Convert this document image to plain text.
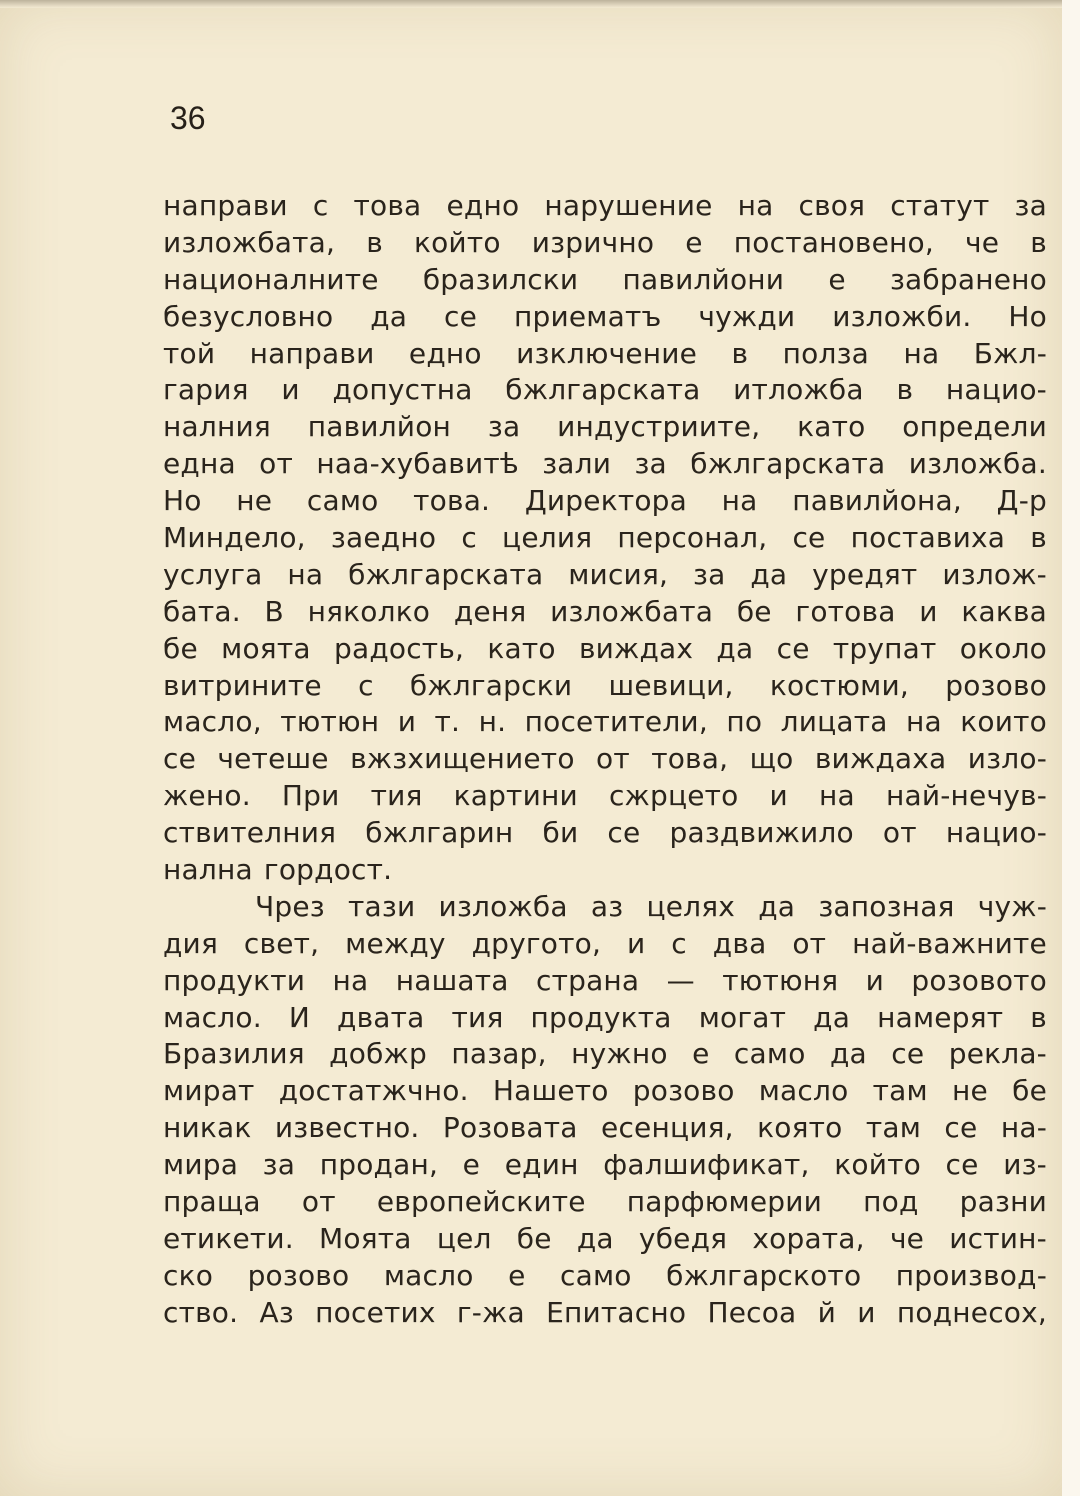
36

направи с това едно нарушение на своя статут за
изложбата, в който изрично е постановено, че в
националните бразилски павилйони е забранено
безусловно да се приематъ чужди изложби. Но
той направи едно изключение в полза на Бжл-
гария и допустна бжлгарската итложба в нацио-
налния павилйон за индустриите, като определи
една от наа-хубавитѣ зали за бжлгарската изложба.
Но не само това. Директора на павилйона, Д-р
Миндело, заедно с целия персонал, се поставиха в
услуга на бжлгарската мисия, за да уредят излож-
бата. В няколко деня изложбата бе готова и каква
бе моята радость, като виждах да се трупат около
витрините с бжлгарски шевици, костюми, розово
масло, тютюн и т. н. посетители, по лицата на които
се четеше вжзхищението от това, що виждаха изло-
жено. При тия картини сжрцето и на най-нечув-
ствителния бжлгарин би се раздвижило от нацио-
нална гордост.

Чрез тази изложба аз целях да запозная чуж-
дия свет, между другото, и с два от най-важните
продукти на нашата страна — тютюня и розовото
масло. И двата тия продукта могат да намерят в
Бразилия добжр пазар, нужно е само да се рекла-
мират достатжчно. Нашето розово масло там не бе
никак известно. Розовата есенция, която там се на-
мира за продан, е един фалшификат, който се из-
праща от европейските парфюмерии под разни
етикети. Моята цел бе да убедя хората, че истин-
ско розово масло е само бжлгарското производ-
ство. Аз посетих г-жа Епитасно Песоа й и поднесох,
